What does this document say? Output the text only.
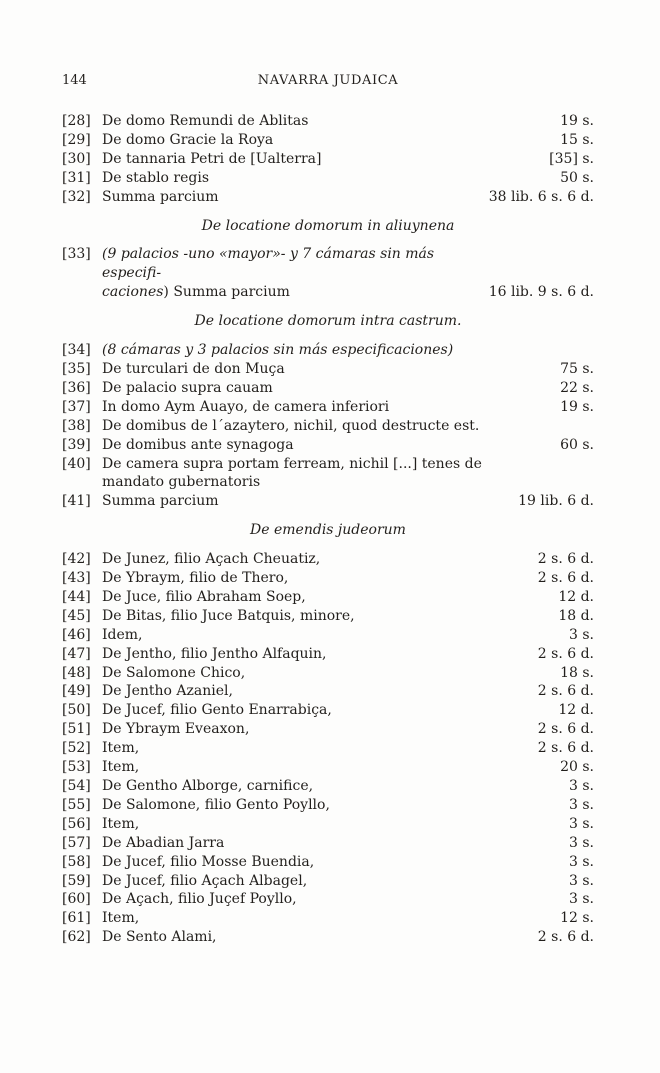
144	NAVARRA JUDAICA
[28] De domo Remundi de Ablitas	19 s.
[29] De domo Gracie la Roya	15 s.
[30] De tannaria Petri de [Ualterra]	[35] s.
[31] De stablo regis	50 s.
[32] Summa parcium	38 lib. 6 s. 6 d.
De locatione domorum in aliuynena
[33] (9 palacios -uno «mayor»- y 7 cámaras sin más especifi-
caciones) Summa parcium	16 lib. 9 s. 6 d.
De locatione domorum intra castrum.
[34] (8 cámaras y 3 palacios sin más especificaciones)
[35] De turculari de don Muça	75 s.
[36] De palacio supra cauam	22 s.
[37] In domo Aym Auayo, de camera inferiori	19 s.
[38] De domibus de l´azaytero, nichil, quod destructe est.
[39] De domibus ante synagoga	60 s.
[40] De camera supra portam ferream, nichil [...] tenes de
mandato gubernatoris
[41] Summa parcium	19 lib. 6 d.
De emendis judeorum
[42] De Junez, filio Açach Cheuatiz,	2 s. 6 d.
[43] De Ybraym, filio de Thero,	2 s. 6 d.
[44] De Juce, filio Abraham Soep,	12 d.
[45] De Bitas, filio Juce Batquis, minore,	18 d.
[46] Idem,	3 s.
[47] De Jentho, filio Jentho Alfaquin,	2 s. 6 d.
[48] De Salomone Chico,	18 s.
[49] De Jentho Azaniel,	2 s. 6 d.
[50] De Jucef, filio Gento Enarrabiça,	12 d.
[51] De Ybraym Eveaxon,	2 s. 6 d.
[52] Item,	2 s. 6 d.
[53] Item,	20 s.
[54] De Gentho Alborge, carnifice,	3 s.
[55] De Salomone, filio Gento Poyllo,	3 s.
[56] Item,	3 s.
[57] De Abadian Jarra	3 s.
[58] De Jucef, filio Mosse Buendia,	3 s.
[59] De Jucef, filio Açach Albagel,	3 s.
[60] De Açach, filio Juçef Poyllo,	3 s.
[61] Item,	12 s.
[62] De Sento Alami,	2 s. 6 d.
